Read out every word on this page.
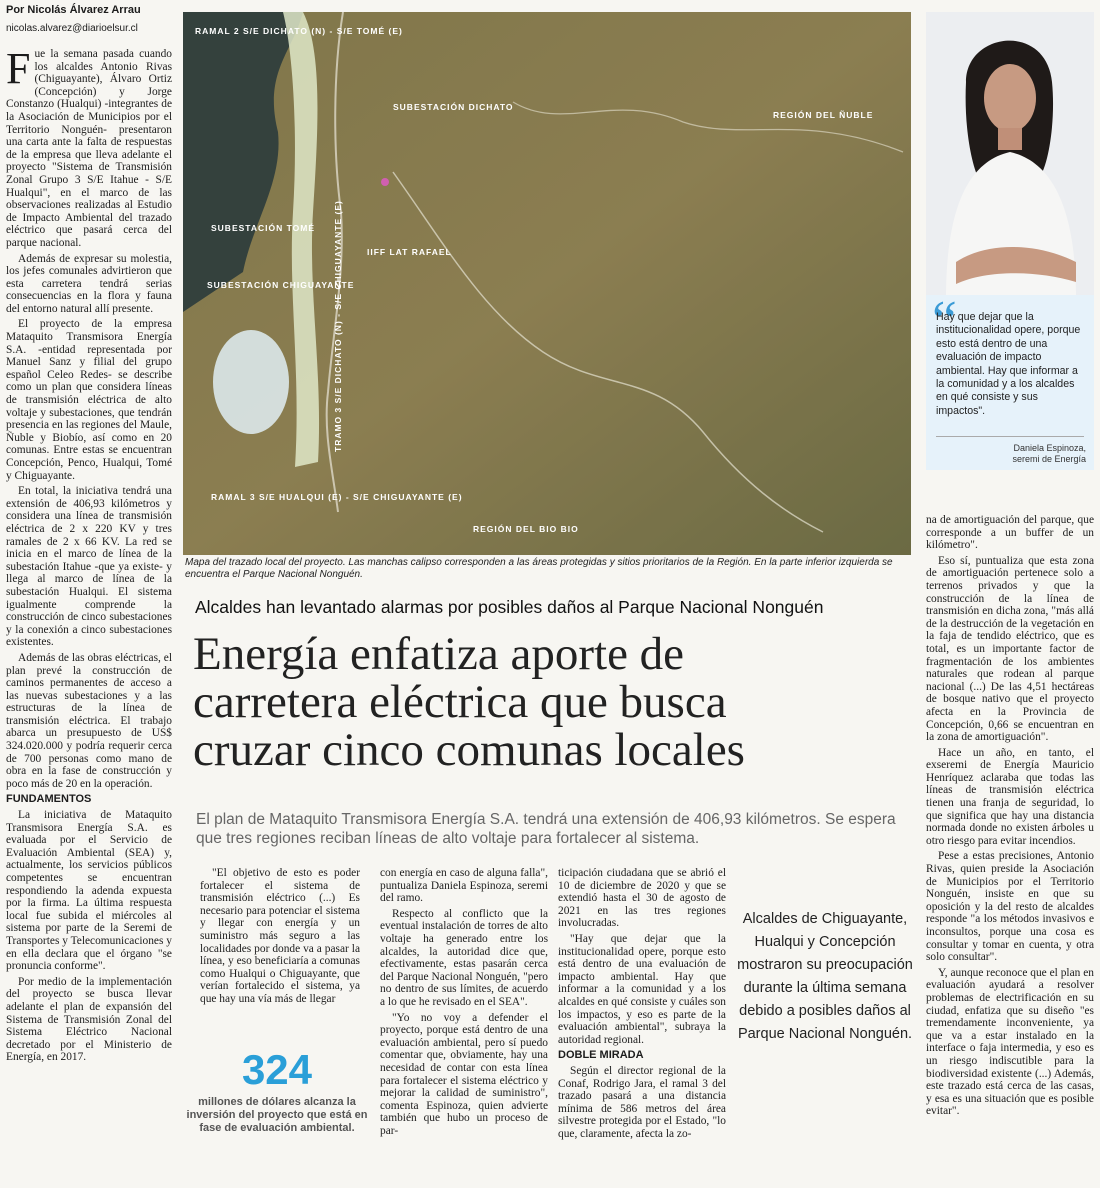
Por Nicolás Álvarez Arrau
nicolas.alvarez@diarioelsur.cl

Fue la semana pasada cuando los alcaldes Antonio Rivas (Chiguayante), Álvaro Ortiz (Concepción) y Jorge Constanzo (Hualqui) -integrantes de la Asociación de Municipios por el Territorio Nonguén- presentaron una carta ante la falta de respuestas de la empresa que lleva adelante el proyecto "Sistema de Transmisión Zonal Grupo 3 S/E Itahue - S/E Hualqui", en el marco de las observaciones realizadas al Estudio de Impacto Ambiental del trazado eléctrico que pasará cerca del parque nacional.

Además de expresar su molestia, los jefes comunales advirtieron que esta carretera tendrá serias consecuencias en la flora y fauna del entorno natural allí presente.

El proyecto de la empresa Mataquito Transmisora Energía S.A. -entidad representada por Manuel Sanz y filial del grupo español Celeo Redes- se describe como un plan que considera líneas de transmisión eléctrica de alto voltaje y subestaciones, que tendrán presencia en las regiones del Maule, Ñuble y Biobío, así como en 20 comunas. Entre estas se encuentran Concepción, Penco, Hualqui, Tomé y Chiguayante.

En total, la iniciativa tendrá una extensión de 406,93 kilómetros y considera una línea de transmisión eléctrica de 2 x 220 KV y tres ramales de 2 x 66 KV. La red se inicia en el marco de línea de la subestación Itahue -que ya existe- y llega al marco de línea de la subestación Hualqui. El sistema igualmente comprende la construcción de cinco subestaciones y la conexión a cinco subestaciones existentes.

Además de las obras eléctricas, el plan prevé la construcción de caminos permanentes de acceso a las nuevas subestaciones y a las estructuras de la línea de transmisión eléctrica. El trabajo abarca un presupuesto de US$ 324.020.000 y podría requerir cerca de 700 personas como mano de obra en la fase de construcción y poco más de 20 en la operación.

FUNDAMENTOS

La iniciativa de Mataquito Transmisora Energía S.A. es evaluada por el Servicio de Evaluación Ambiental (SEA) y, actualmente, los servicios públicos competentes se encuentran respondiendo la adenda expuesta por la firma. La última respuesta local fue subida el miércoles al sistema por parte de la Seremi de Transportes y Telecomunicaciones y en ella declara que el órgano "se pronuncia conforme".

Por medio de la implementación del proyecto se busca llevar adelante el plan de expansión del Sistema de Transmisión Zonal del Sistema Eléctrico Nacional decretado por el Ministerio de Energía, en 2017.

RAMAL 2 S/E DICHATO (N) - S/E TOMÉ (E)
SUBESTACIÓN DICHATO
REGIÓN DEL ÑUBLE
SUBESTACIÓN TOMÉ
IIFF LAT RAFAEL
SUBESTACIÓN CHIGUAYANTE
RAMAL 3 S/E HUALQUI (E) - S/E CHIGUAYANTE (E)
REGIÓN DEL BIO BIO
TRAMO 3 S/E DICHATO (N) - S/E CHIGUAYANTE (E)
Mapa del trazado local del proyecto. Las manchas calipso corresponden a las áreas protegidas y sitios prioritarios de la Región. En la parte inferior izquierda se encuentra el Parque Nacional Nonguén.
Alcaldes han levantado alarmas por posibles daños al Parque Nacional Nonguén
Energía enfatiza aporte de
carretera eléctrica que busca
cruzar cinco comunas locales
El plan de Mataquito Transmisora Energía S.A. tendrá una extensión de 406,93 kilómetros. Se espera que tres regiones reciban líneas de alto voltaje para fortalecer al sistema.

"El objetivo de esto es poder fortalecer el sistema de transmisión eléctrico (...) Es necesario para potenciar el sistema y llegar con energía y un suministro más seguro a las localidades por donde va a pasar la línea, y eso beneficiaría a comunas como Hualqui o Chiguayante, que verían fortalecido el sistema, ya que hay una vía más de llegar

324
millones de dólares alcanza la inversión del proyecto que está en fase de evaluación ambiental.

con energía en caso de alguna falla", puntualiza Daniela Espinoza, seremi del ramo.

Respecto al conflicto que la eventual instalación de torres de alto voltaje ha generado entre los alcaldes, la autoridad dice que, efectivamente, estas pasarán cerca del Parque Nacional Nonguén, "pero no dentro de sus límites, de acuerdo a lo que he revisado en el SEA".

"Yo no voy a defender el proyecto, porque está dentro de una evaluación ambiental, pero sí puedo comentar que, obviamente, hay una necesidad de contar con esta línea para fortalecer el sistema eléctrico y mejorar la calidad de suministro", comenta Espinoza, quien advierte también que hubo un proceso de par-

ticipación ciudadana que se abrió el 10 de diciembre de 2020 y que se extendió hasta el 30 de agosto de 2021 en las tres regiones involucradas.

"Hay que dejar que la institucionalidad opere, porque esto está dentro de una evaluación de impacto ambiental. Hay que informar a la comunidad y a los alcaldes en qué consiste y cuáles son los impactos, y eso es parte de la evaluación ambiental", subraya la autoridad regional.

DOBLE MIRADA

Según el director regional de la Conaf, Rodrigo Jara, el ramal 3 del trazado pasará a una distancia mínima de 586 metros del área silvestre protegida por el Estado, "lo que, claramente, afecta la zo-

Alcaldes de Chiguayante, Hualqui y Concepción mostraron su preocupación durante la última semana debido a posibles daños al Parque Nacional Nonguén.
“
Hay que dejar que la institucionalidad opere, porque esto está dentro de una evaluación de impacto ambiental. Hay que informar a la comunidad y a los alcaldes en qué consiste y sus impactos".
Daniela Espinoza,
seremi de Energía

na de amortiguación del parque, que corresponde a un buffer de un kilómetro".

Eso sí, puntualiza que esta zona de amortiguación pertenece solo a terrenos privados y que la construcción de la línea de transmisión en dicha zona, "más allá de la destrucción de la vegetación en la faja de tendido eléctrico, que es total, es un importante factor de fragmentación de los ambientes naturales que rodean al parque nacional (...) De las 4,51 hectáreas de bosque nativo que el proyecto afecta en la Provincia de Concepción, 0,66 se encuentran en la zona de amortiguación".

Hace un año, en tanto, el exseremi de Energía Mauricio Henríquez aclaraba que todas las líneas de transmisión eléctrica tienen una franja de seguridad, lo que significa que hay una distancia normada donde no existen árboles u otro riesgo para evitar incendios.

Pese a estas precisiones, Antonio Rivas, quien preside la Asociación de Municipios por el Territorio Nonguén, insiste en que su oposición y la del resto de alcaldes responde "a los métodos invasivos e inconsultos, porque una cosa es consultar y tomar en cuenta, y otra solo consultar".

Y, aunque reconoce que el plan en evaluación ayudará a resolver problemas de electrificación en su ciudad, enfatiza que su diseño "es tremendamente inconveniente, ya que va a estar instalado en la interface o faja intermedia, y eso es un riesgo indiscutible para la biodiversidad existente (...) Además, este trazado está cerca de las casas, y esa es una situación que es posible evitar".
